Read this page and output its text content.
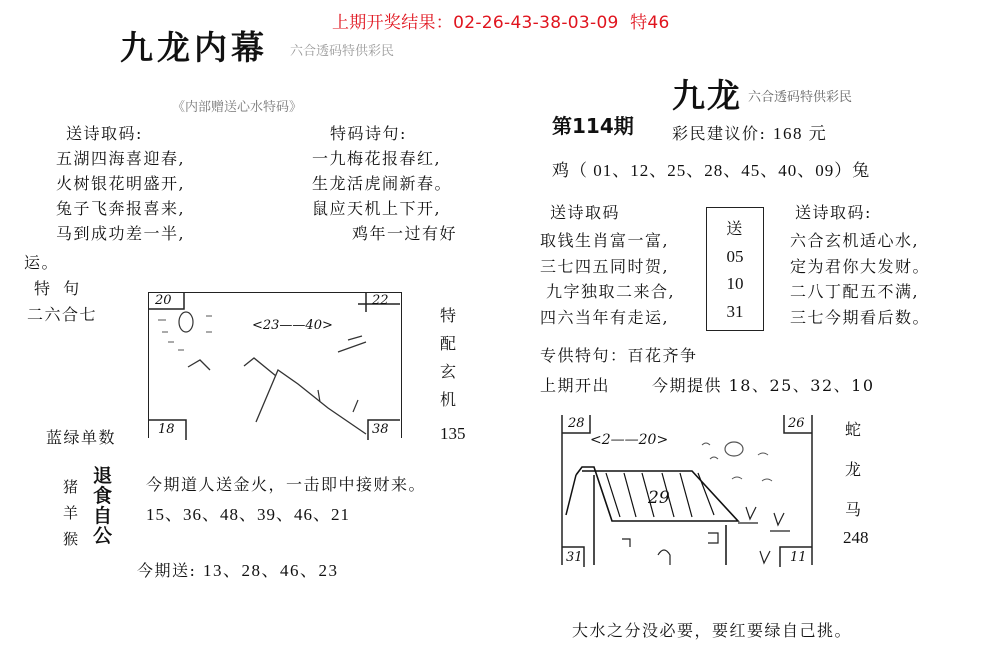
上期开奖结果：02-26-43-38-03-09 特46
九龙内幕 六合透码特供彩民
《内部赠送心水特码》
送诗取码:
五湖四海喜迎春,
火树银花明盛开,
兔子飞奔报喜来,
马到成功差一半,
特码诗句:
一九梅花报春红,
生龙活虎闹新春。
鼠应天机上下开,
鸡年一过有好
运。
特 句
二六合七
20	22
18	38
<23——40>
特
配
玄
机
135
蓝绿单数
猪
羊
猴
退
食
自
公
今期道人送金火，一击即中接财来。
15、36、48、39、46、21
今期送: 13、28、46、23
九龙 六合透码特供彩民
第114期 彩民建议价: 168 元
鸡（ 01、12、25、28、45、40、09）兔
送诗取码
取钱生肖富一富,
三七四五同时贺,
九字独取二来合,
四六当年有走运,
送
05
10
31
送诗取码:
六合玄机适心水,
定为君你大发财。
二八丁配五不满,
三七今期看后数。
专供特句：百花齐争
上期开出	今期提供 18、25、32、10
28	26
31	11
<2——20>
29
蛇
龙
马
248
大水之分没必要，要红要绿自己挑。
